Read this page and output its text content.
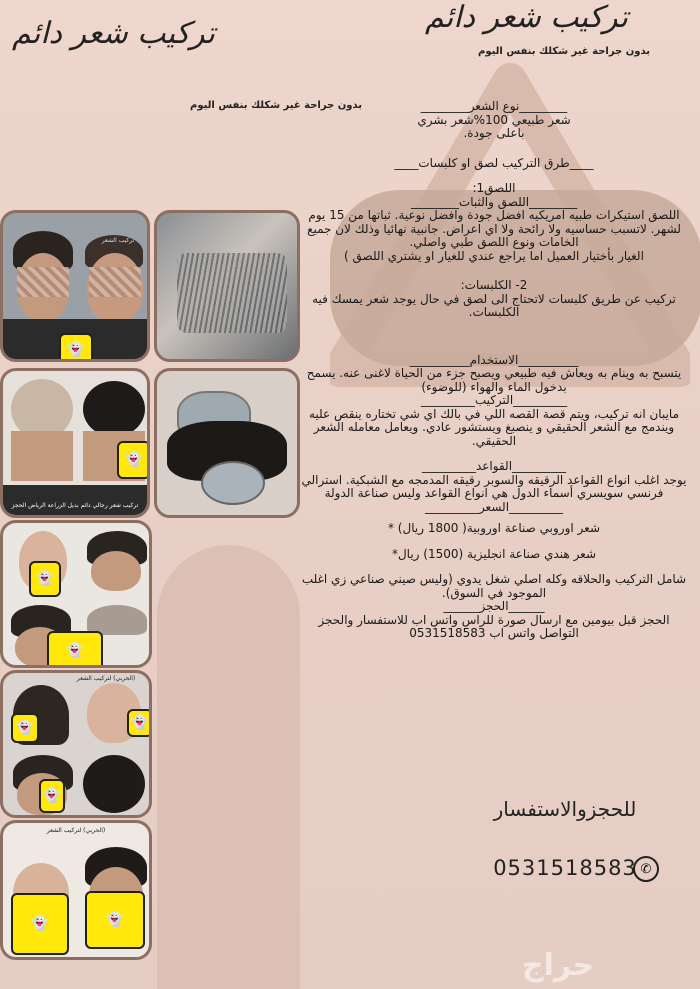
تركيب شعر دائم	تركيب شعر دائم
بدون جراحة غير شكلك بنفس اليوم
بدون جراحة غير شكلك بنفس اليوم

________نوع الشعر________

شعر طبيعي 100%شعر بشري

باعلى جودة.

____طرق التركيب لصق او كلبسات____

اللصق1:

________اللصق والثبات________

اللصق استيكرات طبيه امريكيه افضل جودة وافضل نوعية. ثباتها من 15 يوم لشهر. لاتسبب حساسيه ولا رائحة ولا اي اعراض. جانبية نهائيا وذلك لان جميع الخامات ونوع اللصق طبي واصلي.

الغيار بأختيار العميل اما يراجع عندي للغيار او يشتري اللصق )

2- الكلبسات:

تركيب عن طريق كلبسات لاتحتاج الى لصق في حال يوجد شعر يمسك فيه الكلبسات.

__________الاستخدام__________

يتسبح به وينام به ويعاش فيه طبيعي ويصبح جزء من الحياة لاغنى عنه. يسمح بدخول الماء والهواء (للوضوء)

_________التركيب_________

مايبان انه تركيب، ويتم قصة القصه اللي في بالك اي شي تختاره ينقص عليه ويندمج مع الشعر الحقيقي و ينصبغ ويستشور عادي. ويعامل معامله الشعر الحقيقي.

_________القواعد_________

يوجد اغلب انواع القواعد الرقيقه والسوبر رقيقه المدمجه مع الشبكية. استرالي فرنسي سويسري أسماء الدول هي انواع القواعد وليس صناعة الدولة

_________السعر_________

شعر اوروبي صناعة اوروبية( 1800 ريال) *

شعر هندي صناعة انجليزية (1500) ريال*

شامل التركيب والحلاقه وكله اصلي شغل يدوي (وليس صيني صناعي زي اغلب الموجود في السوق).

______الحجز______

الحجز قبل بيومين مع ارسال صورة للراس واتس اب للاستفسار والحجز التواصل واتس اب 0531518583

للحجزوالاستفسار
0531518583 ✆
حراج
👻
تركيب الشعر
👻
تركيب شعر رجالي دائم بديل الزراعة الرياض الحجز
👻
👻
👻
👻
👻
(الحربي) لتركيب الشعر
👻
👻
(الحربي) لتركيب الشعر
